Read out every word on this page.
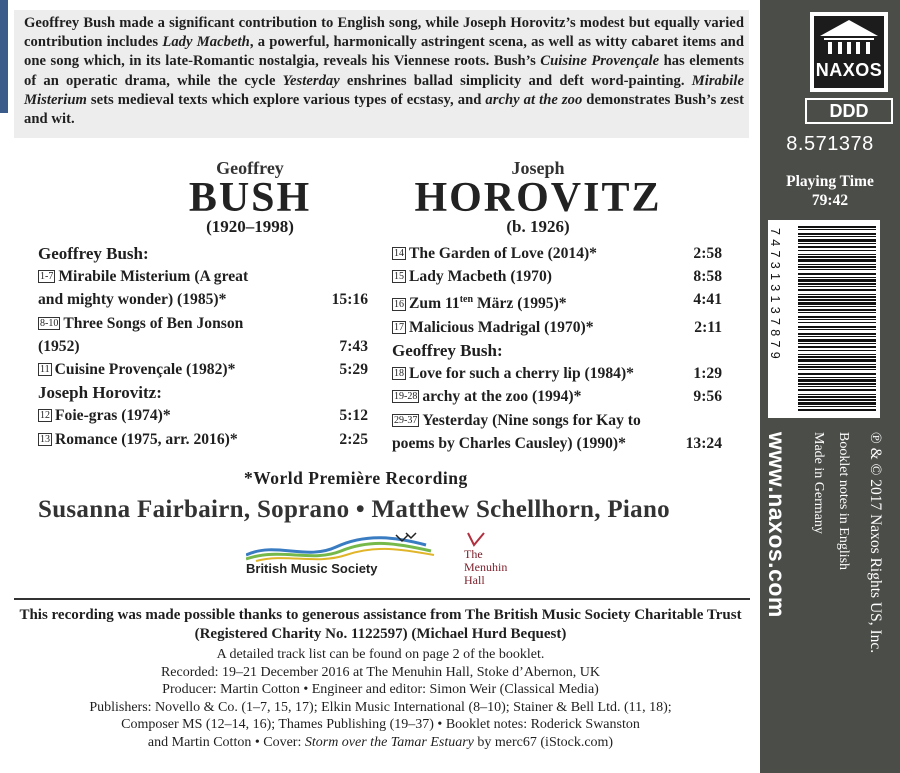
Geoffrey Bush made a significant contribution to English song, while Joseph Horovitz’s modest but equally varied contribution includes Lady Macbeth, a powerful, harmonically astringent scena, as well as witty cabaret items and one song which, in its late-Romantic nostalgia, reveals his Viennese roots. Bush’s Cuisine Provençale has elements of an operatic drama, while the cycle Yesterday enshrines ballad simplicity and deft word-painting. Mirabile Misterium sets medieval texts which explore various types of ecstasy, and archy at the zoo demonstrates Bush’s zest and wit.
Geoffrey
BUSH
(1920–1998)
Joseph
HOROVITZ
(b. 1926)
Geoffrey Bush:
1-7 Mirabile Misterium (A great
and mighty wonder) (1985)*	15:16
8-10 Three Songs of Ben Jonson
(1952)	7:43
11 Cuisine Provençale (1982)*	5:29
Joseph Horovitz:
12 Foie-gras (1974)*	5:12
13 Romance (1975, arr. 2016)*	2:25
14 The Garden of Love (2014)*	2:58
15 Lady Macbeth (1970)	8:58
16 Zum $11^{ten}$ März (1995)*	4:41
17 Malicious Madrigal (1970)*	2:11
Geoffrey Bush:
18 Love for such a cherry lip (1984)*	1:29
19-28 archy at the zoo (1994)*	9:56
29-37 Yesterday (Nine songs for Kay to
poems by Charles Causley) (1990)*	13:24
*World Première Recording
Susanna Fairbairn, Soprano • Matthew Schellhorn, Piano
British Music Society
The
Menuhin
Hall
This recording was made possible thanks to generous assistance from The British Music Society Charitable Trust (Registered Charity No. 1122597) (Michael Hurd Bequest)
A detailed track list can be found on page 2 of the booklet.
Recorded: 19–21 December 2016 at The Menuhin Hall, Stoke d’Abernon, UK
Producer: Martin Cotton • Engineer and editor: Simon Weir (Classical Media)
Publishers: Novello & Co. (1–7, 15, 17); Elkin Music International (8–10); Stainer & Bell Ltd. (11, 18);
Composer MS (12–14, 16); Thames Publishing (19–37) • Booklet notes: Roderick Swanston
and Martin Cotton • Cover: Storm over the Tamar Estuary by merc67 (iStock.com)
NAXOS
DDD
8.571378
Playing Time
79:42
747313137879
℗ & © 2017 Naxos Rights US, Inc.
Booklet notes in English
Made in Germany
www.naxos.com
